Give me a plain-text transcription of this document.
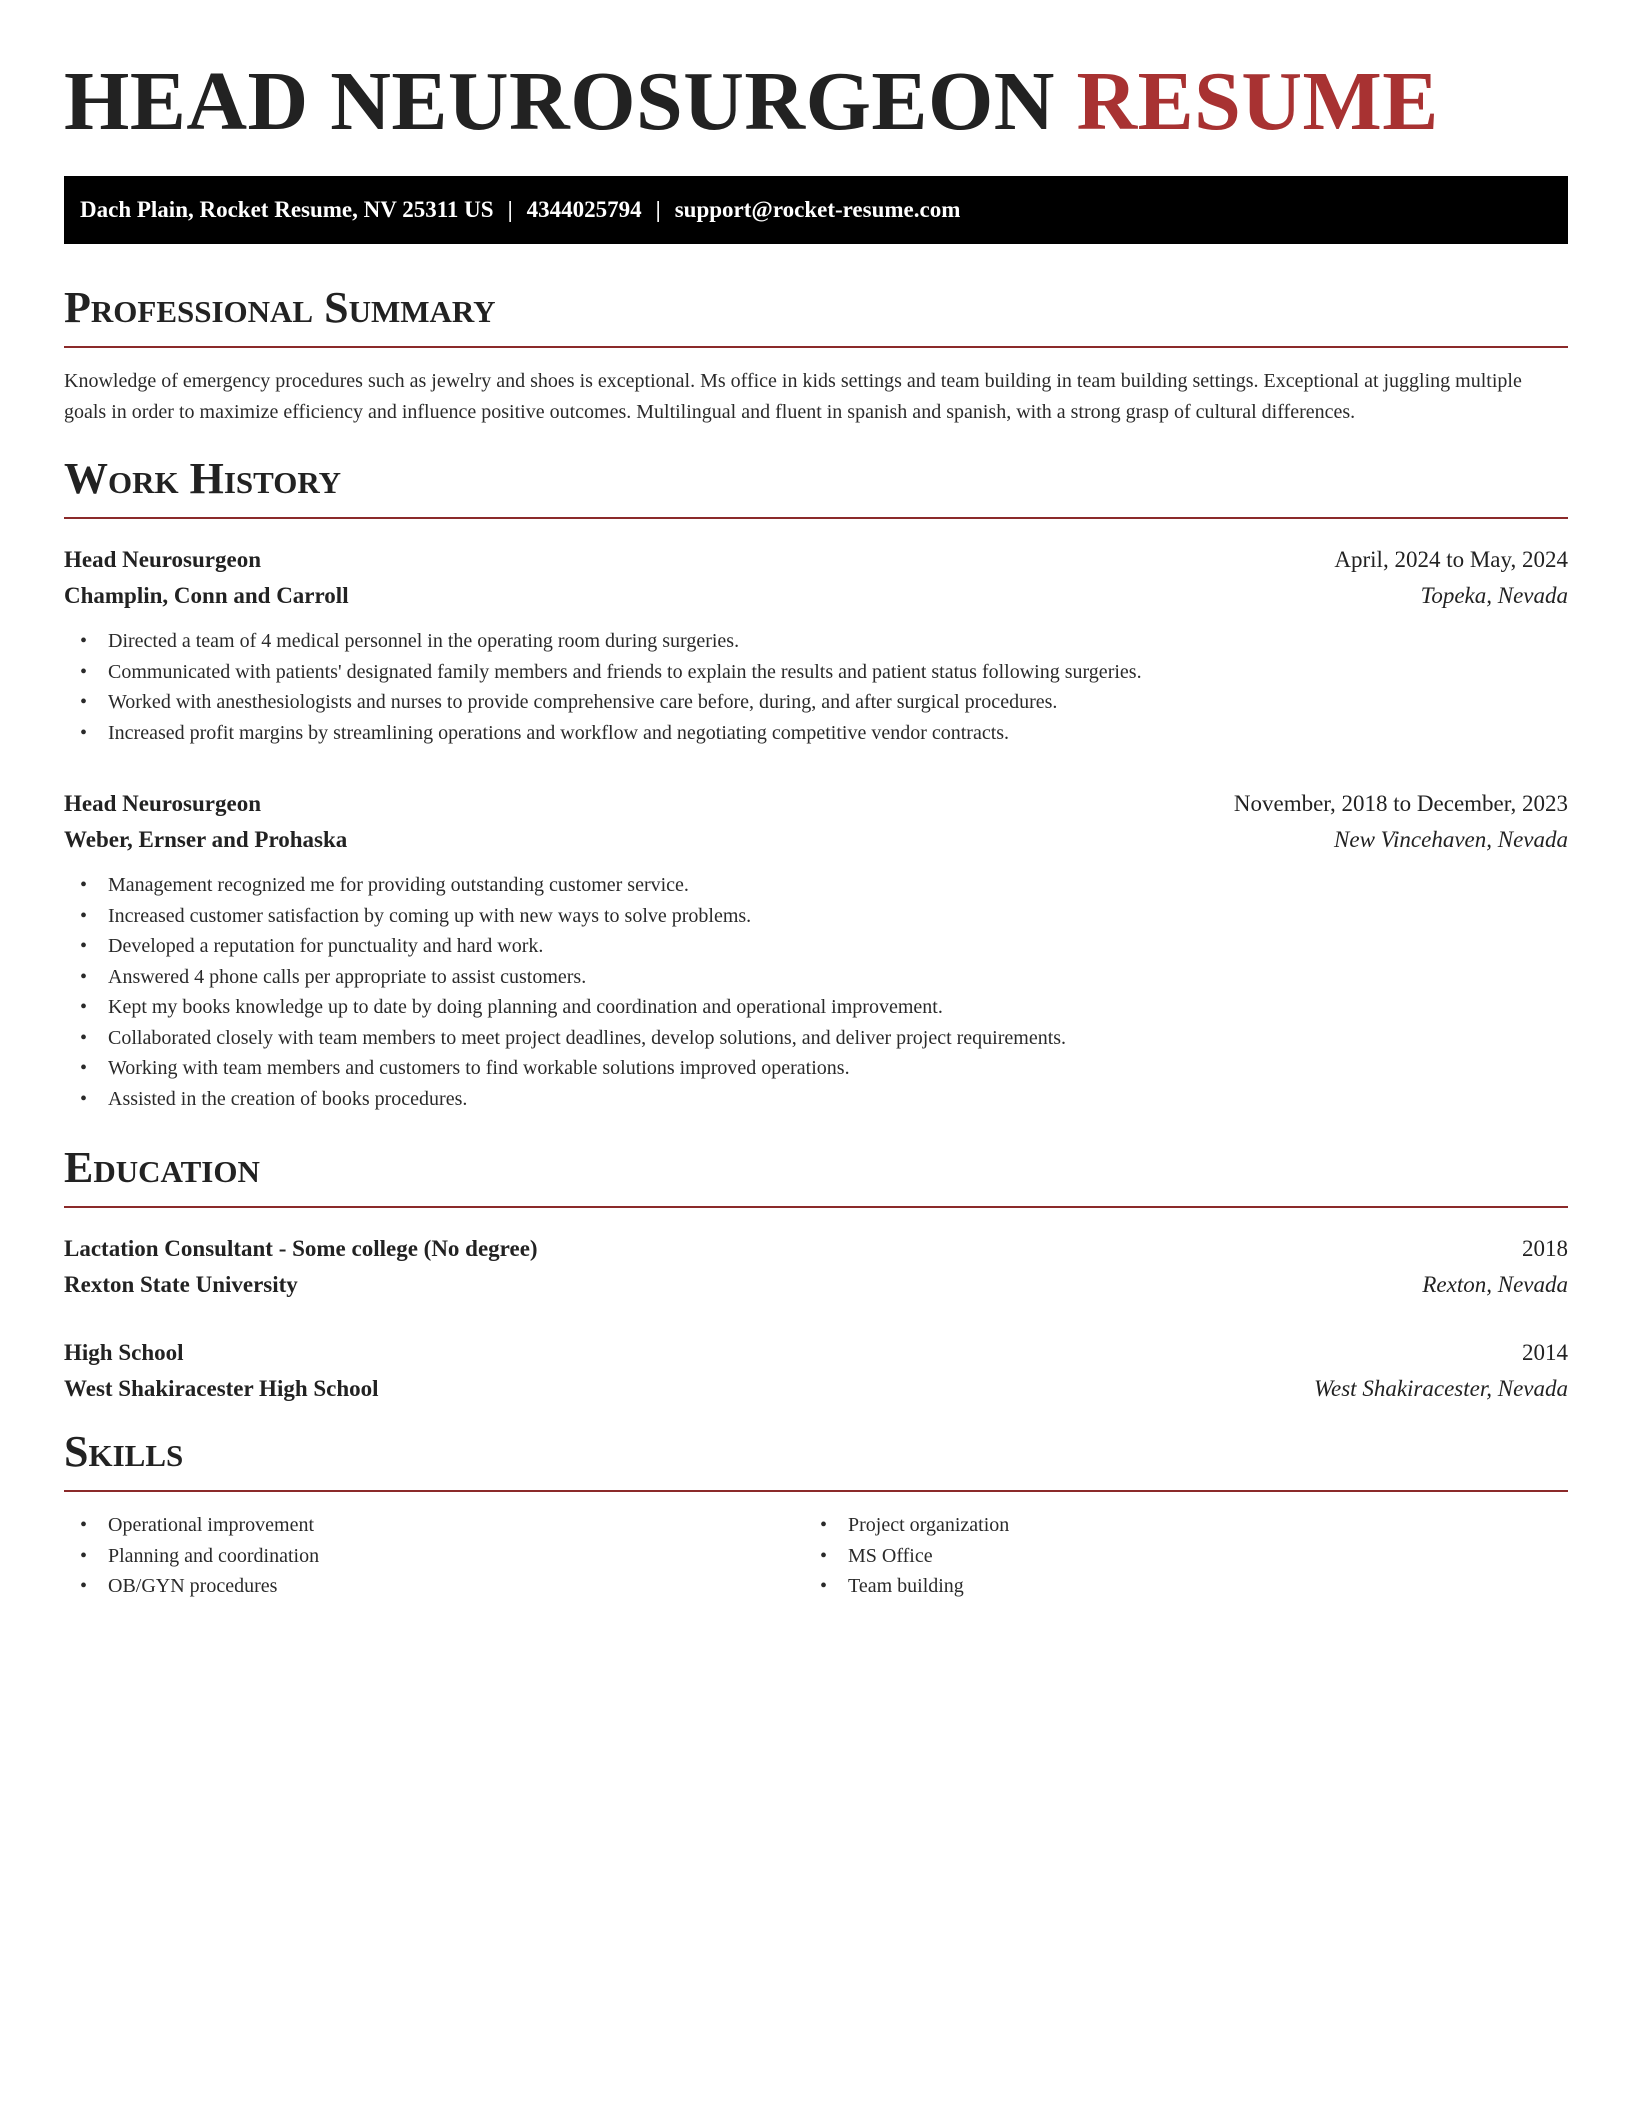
HEAD NEUROSURGEON RESUME
Dach Plain, Rocket Resume, NV 25311 US | 4344025794 | support@rocket-resume.com
Professional Summary

Knowledge of emergency procedures such as jewelry and shoes is exceptional. Ms office in kids settings and team building in team building settings. Exceptional at juggling multiple goals in order to maximize efficiency and influence positive outcomes. Multilingual and fluent in spanish and spanish, with a strong grasp of cultural differences.

Work History
Head Neurosurgeon	April, 2024 to May, 2024
Champlin, Conn and Carroll	Topeka, Nevada
• Directed a team of 4 medical personnel in the operating room during surgeries.
• Communicated with patients' designated family members and friends to explain the results and patient status following surgeries.
• Worked with anesthesiologists and nurses to provide comprehensive care before, during, and after surgical procedures.
• Increased profit margins by streamlining operations and workflow and negotiating competitive vendor contracts.
Head Neurosurgeon	November, 2018 to December, 2023
Weber, Ernser and Prohaska	New Vincehaven, Nevada
• Management recognized me for providing outstanding customer service.
• Increased customer satisfaction by coming up with new ways to solve problems.
• Developed a reputation for punctuality and hard work.
• Answered 4 phone calls per appropriate to assist customers.
• Kept my books knowledge up to date by doing planning and coordination and operational improvement.
• Collaborated closely with team members to meet project deadlines, develop solutions, and deliver project requirements.
• Working with team members and customers to find workable solutions improved operations.
• Assisted in the creation of books procedures.
Education
Lactation Consultant - Some college (No degree)	2018
Rexton State University	Rexton, Nevada
High School	2014
West Shakiracester High School	West Shakiracester, Nevada
Skills
• Operational improvement
• Planning and coordination
• OB/GYN procedures
• Project organization
• MS Office
• Team building
